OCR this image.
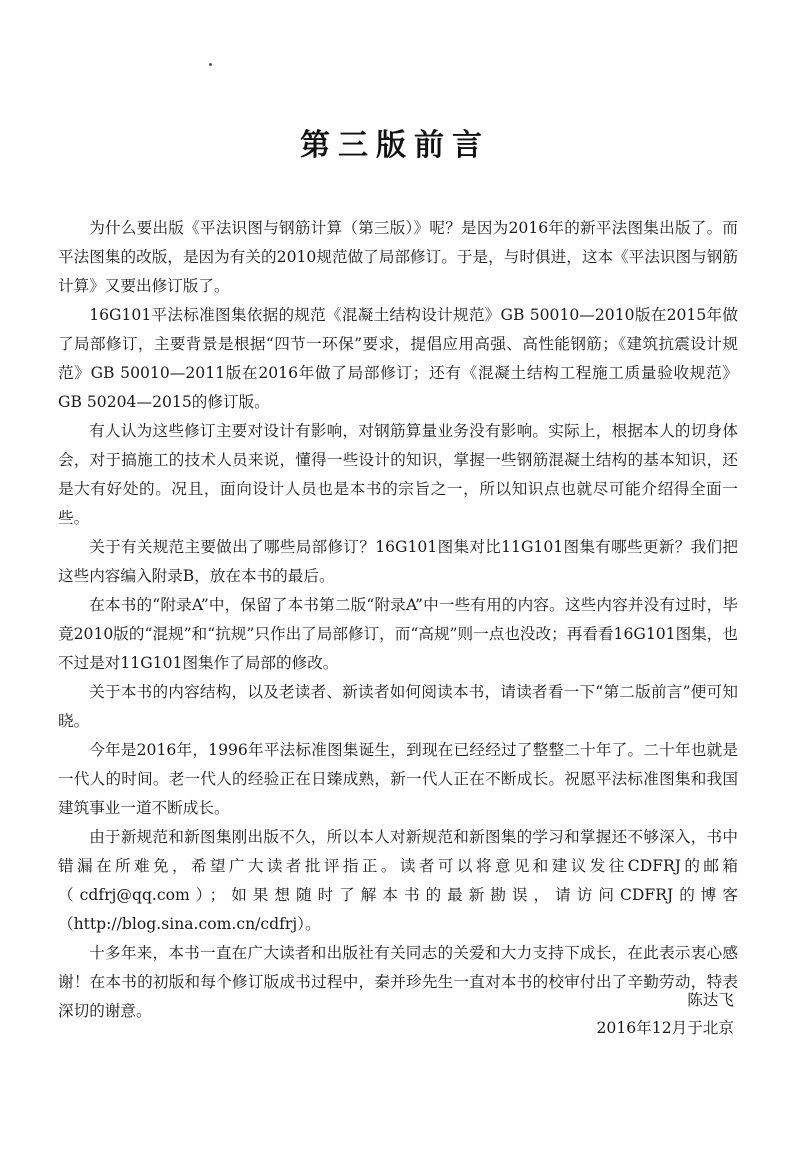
第三版前言

为什么要出版《平法识图与钢筋计算（第三版）》呢？是因为2016年的新平法图集出版了。而平法图集的改版，是因为有关的2010规范做了局部修订。于是，与时俱进，这本《平法识图与钢筋计算》又要出修订版了。

16G101平法标准图集依据的规范《混凝土结构设计规范》GB 50010—2010版在2015年做了局部修订，主要背景是根据“四节一环保”要求，提倡应用高强、高性能钢筋；《建筑抗震设计规范》GB 50010—2011版在2016年做了局部修订；还有《混凝土结构工程施工质量验收规范》GB 50204—2015的修订版。

有人认为这些修订主要对设计有影响，对钢筋算量业务没有影响。实际上，根据本人的切身体会，对于搞施工的技术人员来说，懂得一些设计的知识，掌握一些钢筋混凝土结构的基本知识，还是大有好处的。况且，面向设计人员也是本书的宗旨之一，所以知识点也就尽可能介绍得全面一些。

关于有关规范主要做出了哪些局部修订？16G101图集对比11G101图集有哪些更新？我们把这些内容编入附录B，放在本书的最后。

在本书的“附录A”中，保留了本书第二版“附录A”中一些有用的内容。这些内容并没有过时，毕竟2010版的“混规”和“抗规”只作出了局部修订，而“高规”则一点也没改；再看看16G101图集，也不过是对11G101图集作了局部的修改。

关于本书的内容结构，以及老读者、新读者如何阅读本书，请读者看一下“第二版前言”便可知晓。

今年是2016年，1996年平法标准图集诞生，到现在已经经过了整整二十年了。二十年也就是一代人的时间。老一代人的经验正在日臻成熟，新一代人正在不断成长。祝愿平法标准图集和我国建筑事业一道不断成长。

由于新规范和新图集刚出版不久，所以本人对新规范和新图集的学习和掌握还不够深入，书中错漏在所难免，希望广大读者批评指正。读者可以将意见和建议发往CDFRJ的邮箱（cdfrj@qq.com）；如果想随时了解本书的最新勘误，请访问CDFRJ的博客（http://blog.sina.com.cn/cdfrj）。

十多年来，本书一直在广大读者和出版社有关同志的关爱和大力支持下成长，在此表示衷心感谢！在本书的初版和每个修订版成书过程中，秦并珍先生一直对本书的校审付出了辛勤劳动，特表深切的谢意。

陈达飞
2016年12月于北京
